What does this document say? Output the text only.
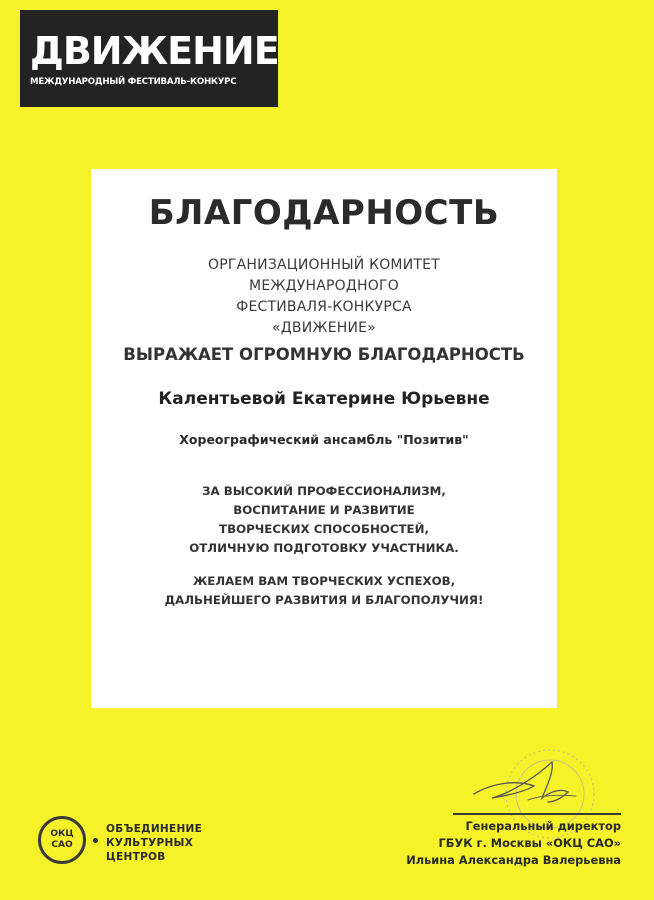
ДВИЖЕНИЕ
МЕЖДУНАРОДНЫЙ ФЕСТИВАЛЬ-КОНКУРС
БЛАГОДАРНОСТЬ
ОРГАНИЗАЦИОННЫЙ КОМИТЕТ
МЕЖДУНАРОДНОГО
ФЕСТИВАЛЯ-КОНКУРСА
«ДВИЖЕНИЕ»
ВЫРАЖАЕТ ОГРОМНУЮ БЛАГОДАРНОСТЬ
Калентьевой Екатерине Юрьевне
Хореографический ансамбль "Позитив"
ЗА ВЫСОКИЙ ПРОФЕССИОНАЛИЗМ,
ВОСПИТАНИЕ И РАЗВИТИЕ
ТВОРЧЕСКИХ СПОСОБНОСТЕЙ,
ОТЛИЧНУЮ ПОДГОТОВКУ УЧАСТНИКА.
ЖЕЛАЕМ ВАМ ТВОРЧЕСКИХ УСПЕХОВ,
ДАЛЬНЕЙШЕГО РАЗВИТИЯ И БЛАГОПОЛУЧИЯ!
ОКЦ
САО
ОБЪЕДИНЕНИЕ
КУЛЬТУРНЫХ
ЦЕНТРОВ
Генеральный директор
ГБУК г. Москвы «ОКЦ САО»
Ильина Александра Валерьевна
